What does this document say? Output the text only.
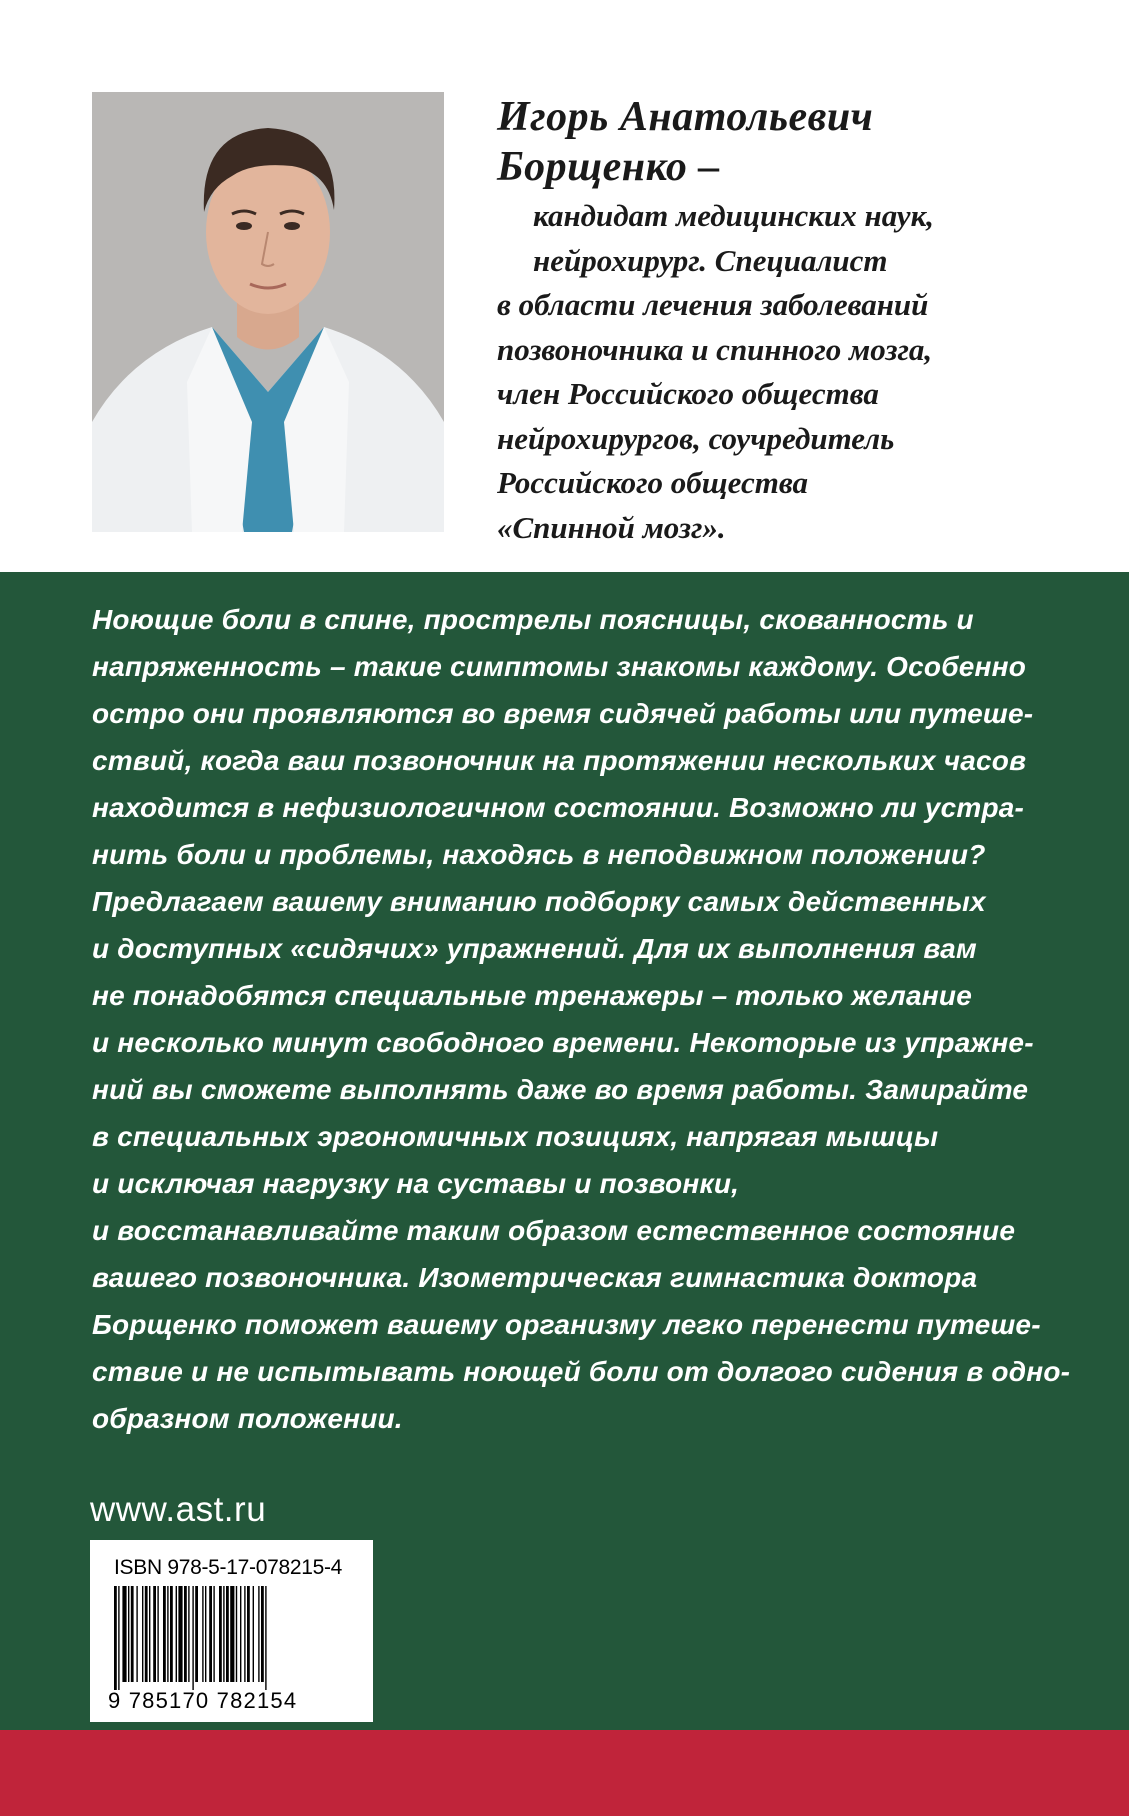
Игорь Анатольевич
Борщенко –
кандидат медицинских наук,
нейрохирург. Специалист
в области лечения заболеваний
позвоночника и спинного мозга,
член Российского общества
нейрохирургов, соучредитель
Российского общества
«Спинной мозг».
Ноющие боли в спине, прострелы поясницы, скованность и
напряженность – такие симптомы знакомы каждому. Особенно
остро они проявляются во время сидячей работы или путеше-
ствий, когда ваш позвоночник на протяжении нескольких часов
находится в нефизиологичном состоянии. Возможно ли устра-
нить боли и проблемы, находясь в неподвижном положении?
Предлагаем вашему вниманию подборку самых действенных
и доступных «сидячих» упражнений. Для их выполнения вам
не понадобятся специальные тренажеры – только желание
и несколько минут свободного времени. Некоторые из упражне-
ний вы сможете выполнять даже во время работы. Замирайте
в специальных эргономичных позициях, напрягая мышцы
и исключая нагрузку на суставы и позвонки,
и восстанавливайте таким образом естественное состояние
вашего позвоночника. Изометрическая гимнастика доктора
Борщенко поможет вашему организму легко перенести путеше-
ствие и не испытывать ноющей боли от долгого сидения в одно-
образном положении.
www.ast.ru
ISBN 978-5-17-078215-4
9 785170 782154
